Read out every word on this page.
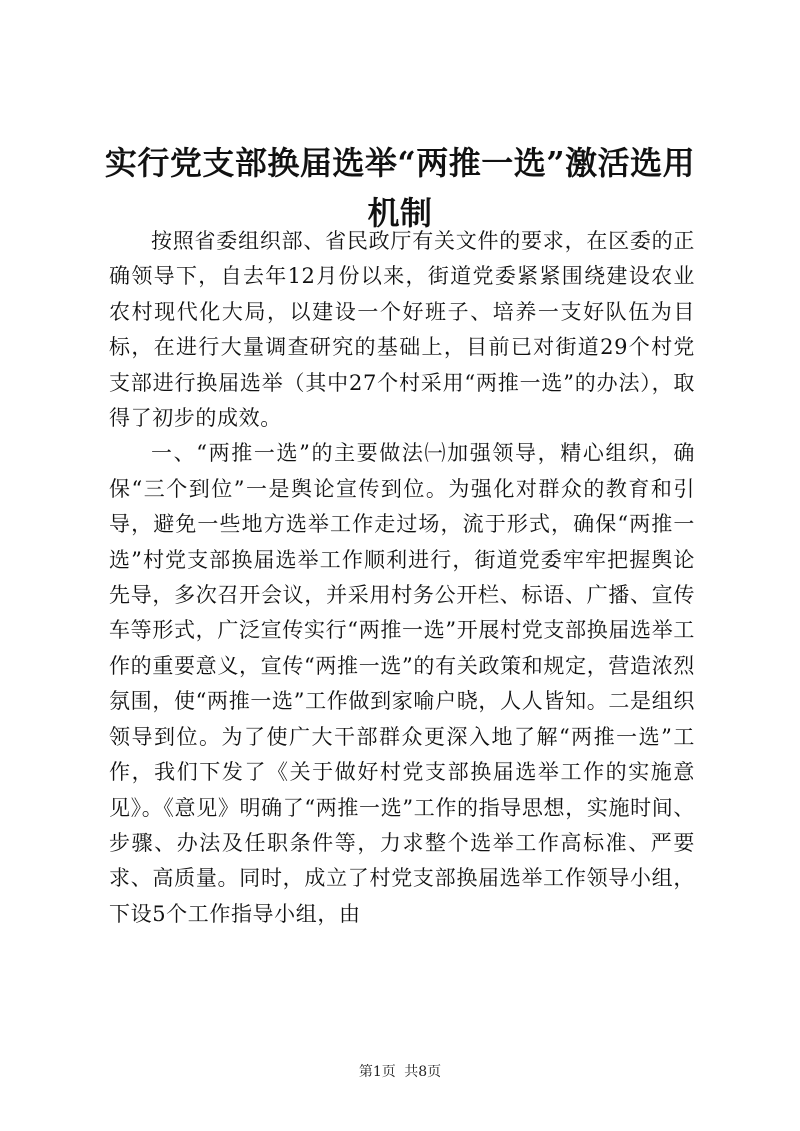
实行党支部换届选举“两推一选”激活选用机制

按照省委组织部、省民政厅有关文件的要求，在区委的正确领导下，自去年12月份以来，街道党委紧紧围绕建设农业农村现代化大局，以建设一个好班子、培养一支好队伍为目标，在进行大量调查研究的基础上，目前已对街道29个村党支部进行换届选举（其中27个村采用“两推一选”的办法），取得了初步的成效。

一、“两推一选”的主要做法㈠加强领导，精心组织，确保“三个到位”一是舆论宣传到位。为强化对群众的教育和引导，避免一些地方选举工作走过场，流于形式，确保“两推一选”村党支部换届选举工作顺利进行，街道党委牢牢把握舆论先导，多次召开会议，并采用村务公开栏、标语、广播、宣传车等形式，广泛宣传实行“两推一选”开展村党支部换届选举工作的重要意义，宣传“两推一选”的有关政策和规定，营造浓烈氛围，使“两推一选”工作做到家喻户晓，人人皆知。二是组织领导到位。为了使广大干部群众更深入地了解“两推一选”工作，我们下发了《关于做好村党支部换届选举工作的实施意见》。《意见》明确了“两推一选”工作的指导思想，实施时间、步骤、办法及任职条件等，力求整个选举工作高标准、严要求、高质量。同时，成立了村党支部换届选举工作领导小组，下设5个工作指导小组，由

第1页 共8页
